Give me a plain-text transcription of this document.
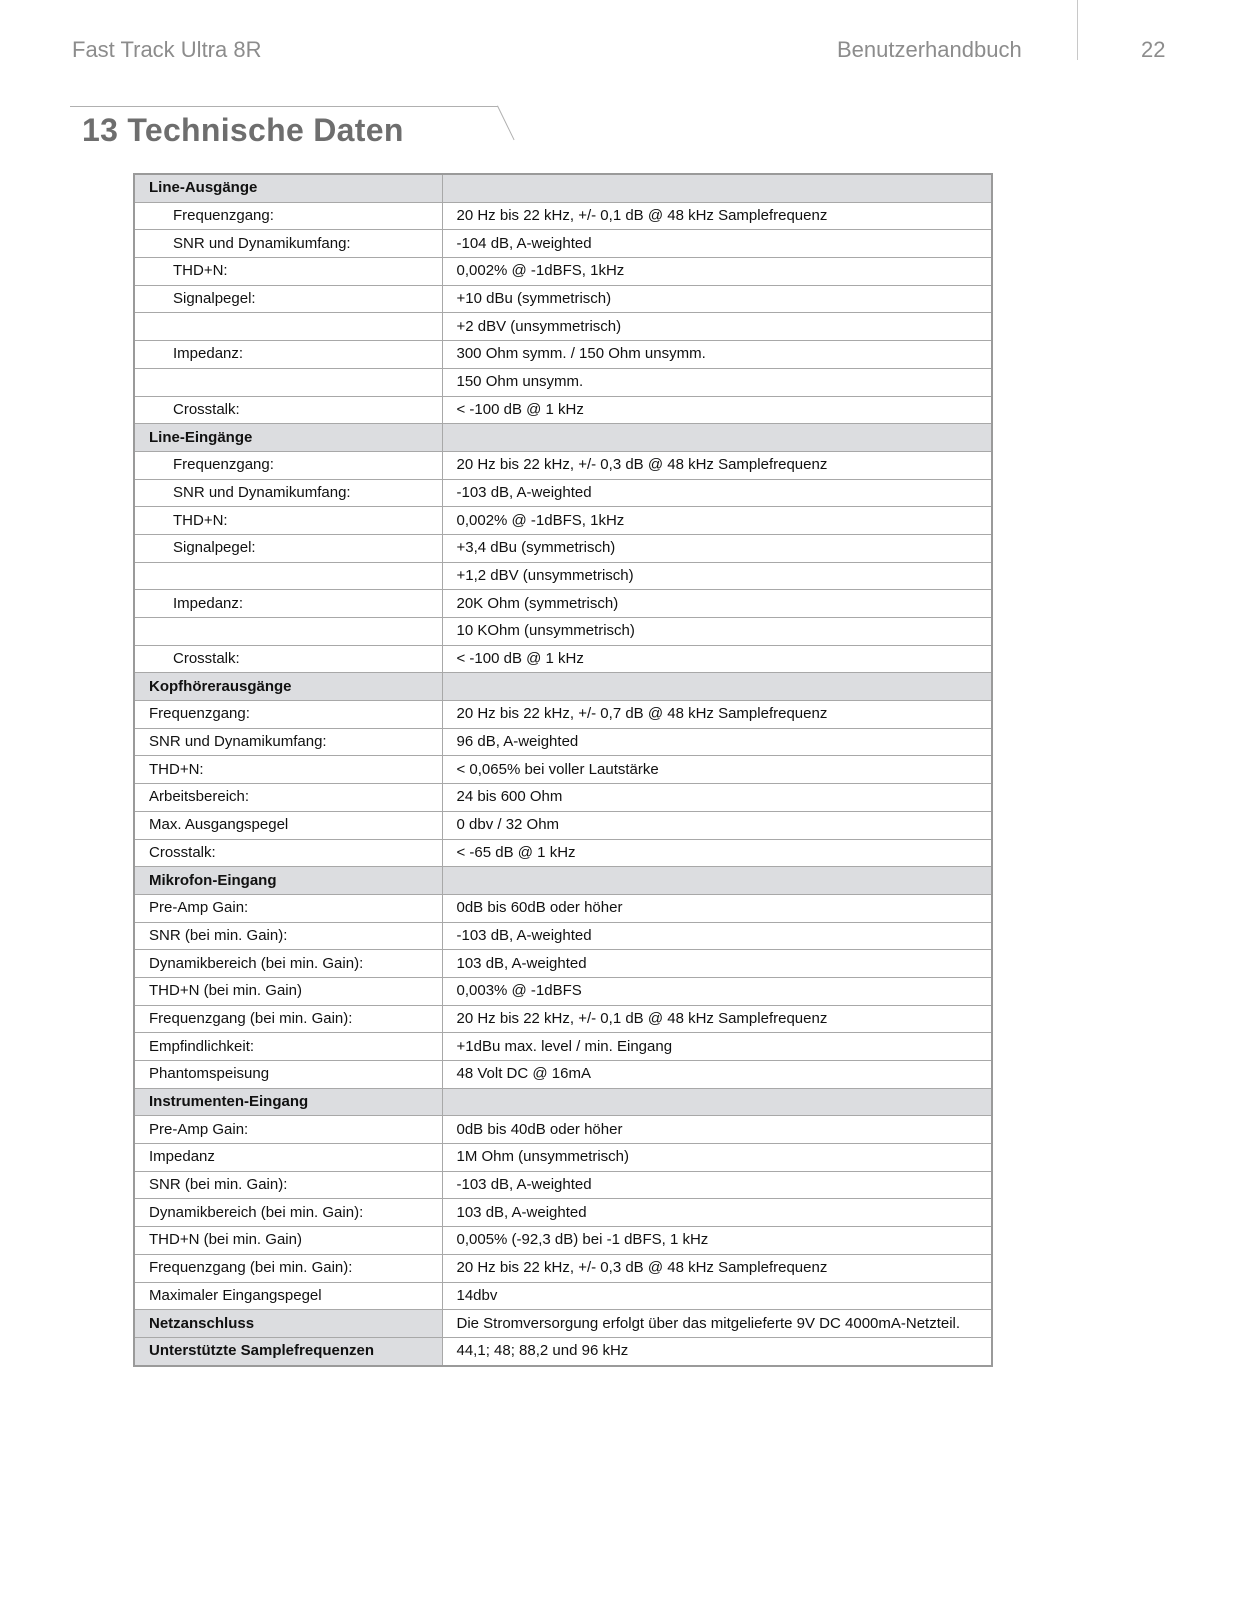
Fast Track Ultra 8R	Benutzerhandbuch	22
13 Technische Daten
Line-Ausgänge	
Frequenzgang:	20 Hz bis 22 kHz, +/- 0,1 dB @ 48 kHz Samplefrequenz
SNR und Dynamikumfang:	-104 dB, A-weighted
THD+N:	0,002% @ -1dBFS, 1kHz
Signalpegel:	+10 dBu (symmetrisch)
	+2 dBV (unsymmetrisch)
Impedanz:	300 Ohm symm. / 150 Ohm unsymm.
	150 Ohm unsymm.
Crosstalk:	< -100 dB @ 1 kHz
Line-Eingänge	
Frequenzgang:	20 Hz bis 22 kHz, +/- 0,3 dB @ 48 kHz Samplefrequenz
SNR und Dynamikumfang:	-103 dB, A-weighted
THD+N:	0,002% @ -1dBFS, 1kHz
Signalpegel:	+3,4 dBu (symmetrisch)
	+1,2 dBV (unsymmetrisch)
Impedanz:	20K Ohm (symmetrisch)
	10 KOhm (unsymmetrisch)
Crosstalk:	< -100 dB @ 1 kHz
Kopfhörerausgänge	
Frequenzgang:	20 Hz bis 22 kHz, +/- 0,7 dB @ 48 kHz Samplefrequenz
SNR und Dynamikumfang:	96 dB, A-weighted
THD+N:	< 0,065% bei voller Lautstärke
Arbeitsbereich:	24 bis 600 Ohm
Max. Ausgangspegel	0 dbv / 32 Ohm
Crosstalk:	< -65 dB @ 1 kHz
Mikrofon-Eingang	
Pre-Amp Gain:	0dB bis 60dB oder höher
SNR (bei min. Gain):	-103 dB, A-weighted
Dynamikbereich (bei min. Gain):	103 dB, A-weighted
THD+N (bei min. Gain)	0,003% @ -1dBFS
Frequenzgang (bei min. Gain):	20 Hz bis 22 kHz, +/- 0,1 dB @ 48 kHz Samplefrequenz
Empfindlichkeit:	+1dBu max. level / min. Eingang
Phantomspeisung	48 Volt DC @ 16mA
Instrumenten-Eingang	
Pre-Amp Gain:	0dB bis 40dB oder höher
Impedanz	1M Ohm (unsymmetrisch)
SNR (bei min. Gain):	-103 dB, A-weighted
Dynamikbereich (bei min. Gain):	103 dB, A-weighted
THD+N (bei min. Gain)	0,005% (-92,3 dB) bei -1 dBFS, 1 kHz
Frequenzgang (bei min. Gain):	20 Hz bis 22 kHz, +/- 0,3 dB @ 48 kHz Samplefrequenz
Maximaler Eingangspegel	14dbv
Netzanschluss	Die Stromversorgung erfolgt über das mitgelieferte 9V DC 4000mA-Netzteil.
Unterstützte Samplefrequenzen	44,1; 48; 88,2 und 96 kHz
